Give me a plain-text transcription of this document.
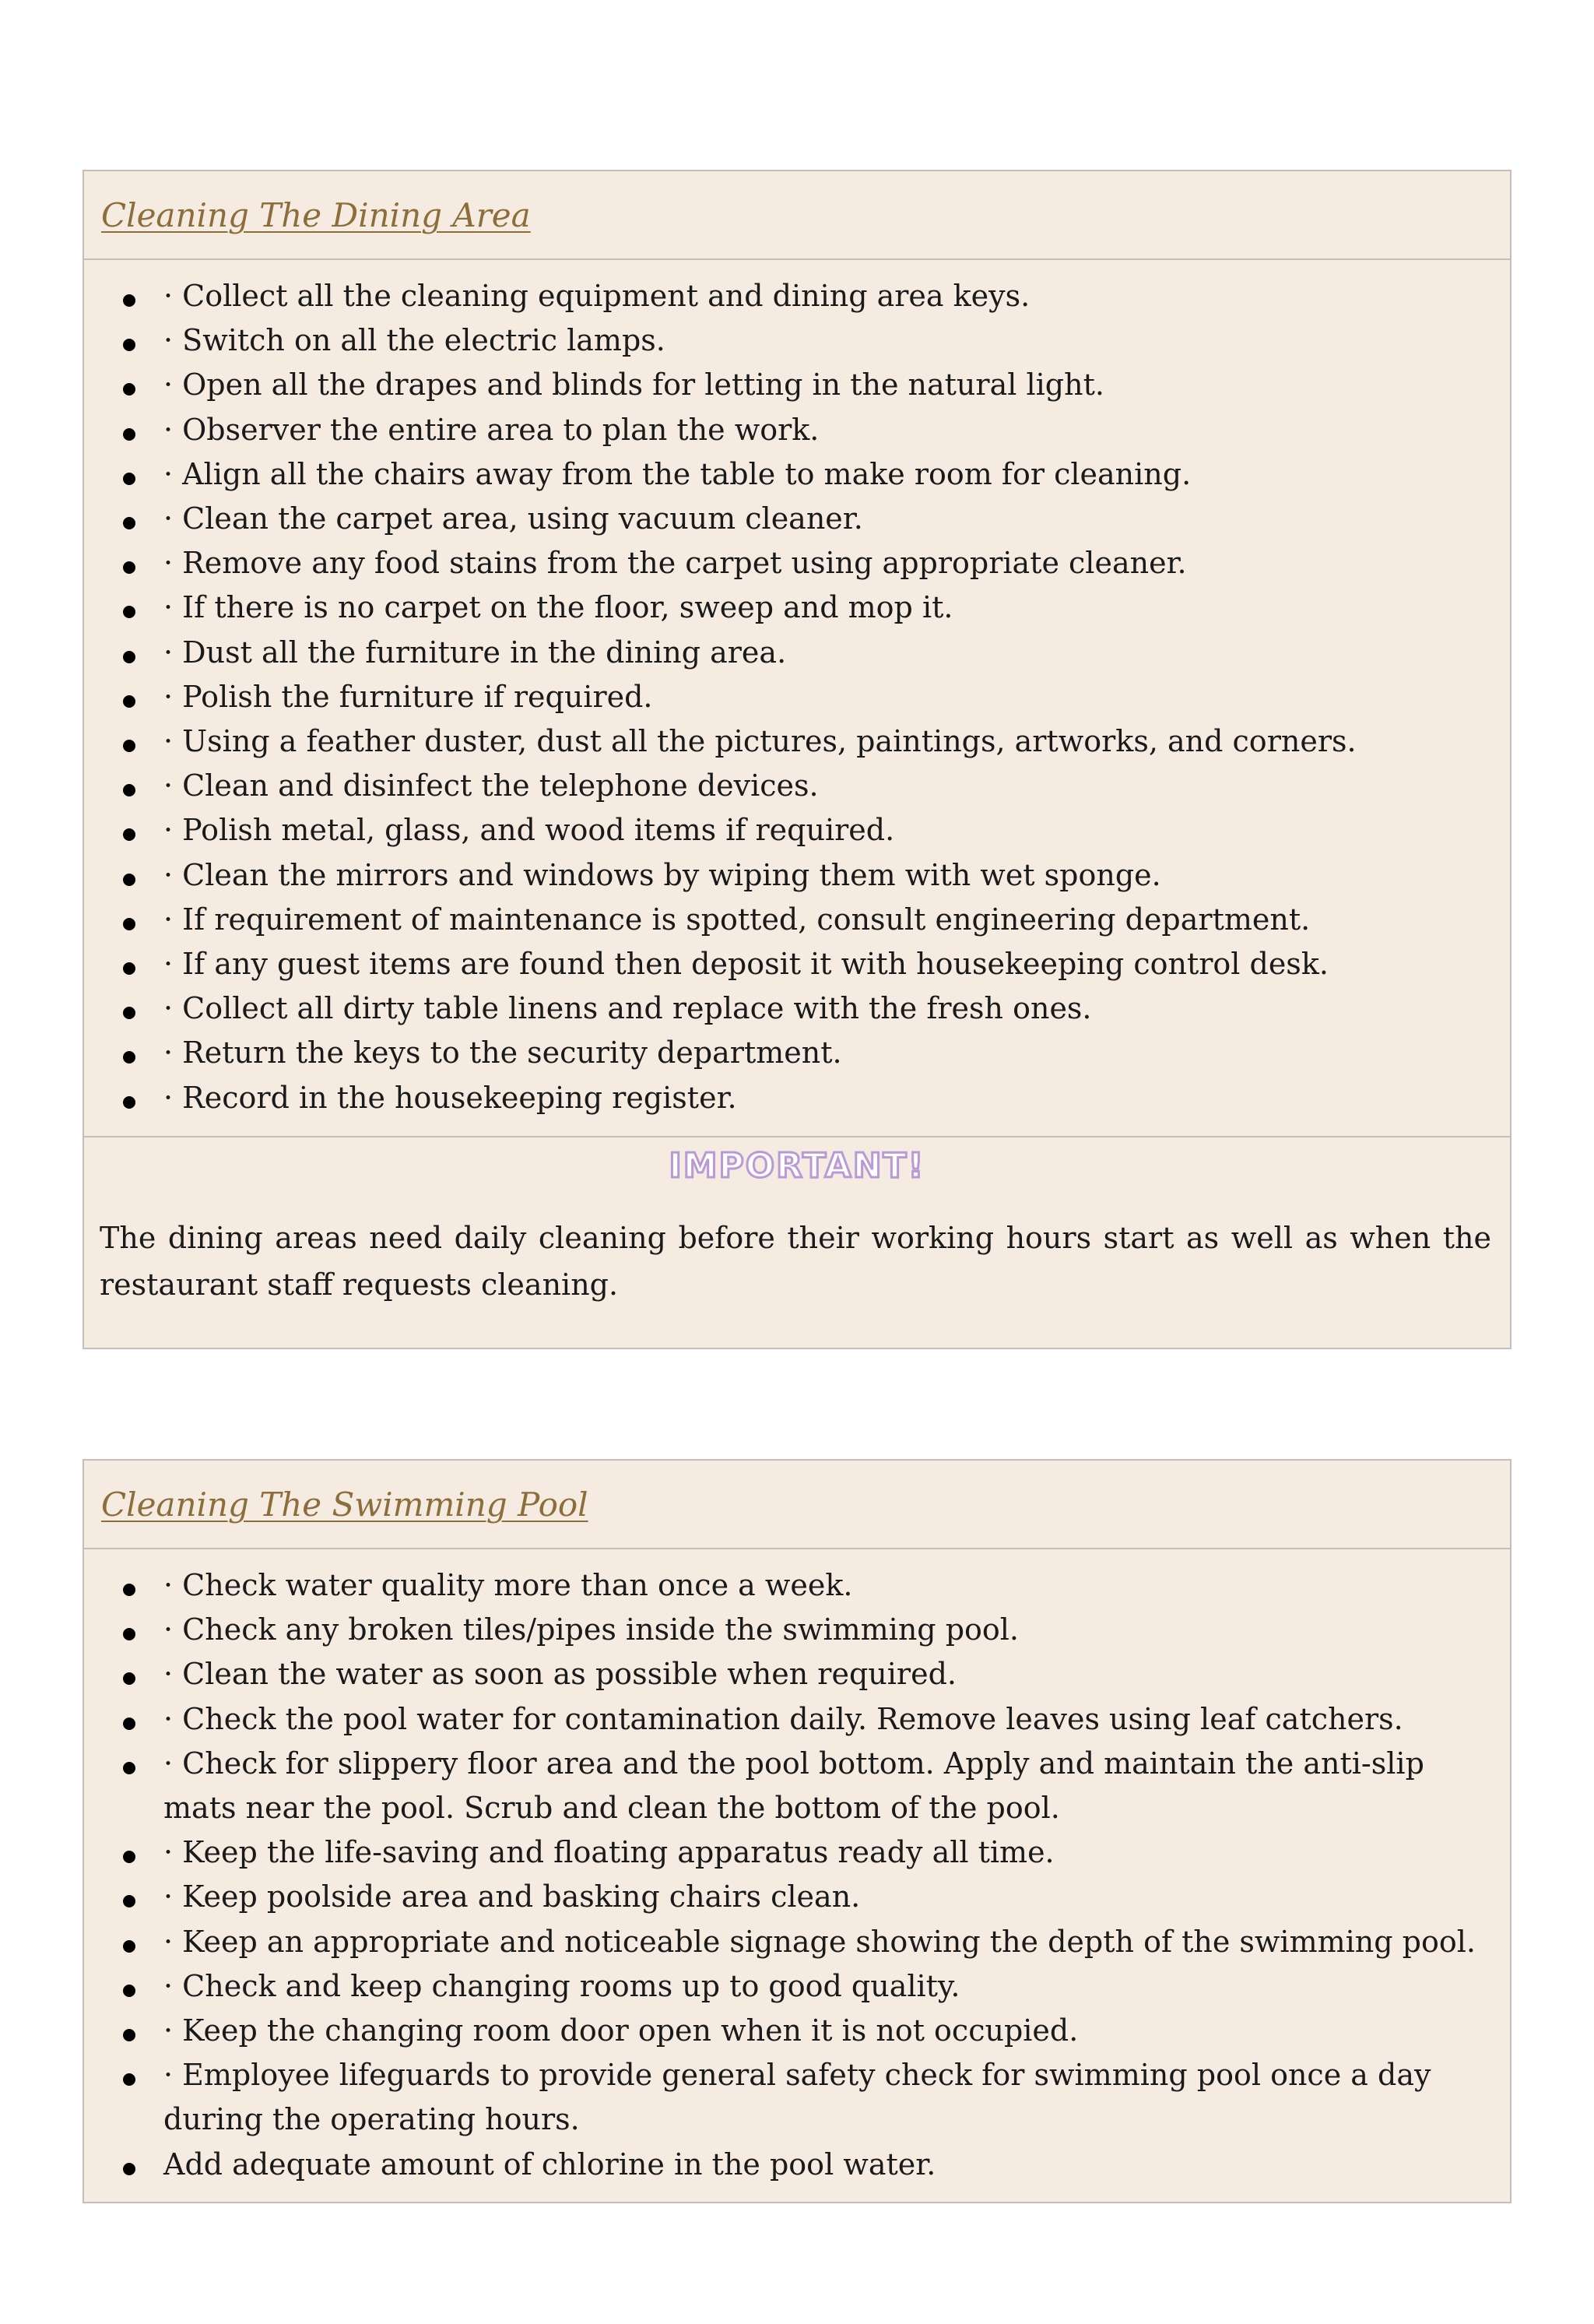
Cleaning The Dining Area
· Collect all the cleaning equipment and dining area keys.
· Switch on all the electric lamps.
· Open all the drapes and blinds for letting in the natural light.
· Observer the entire area to plan the work.
· Align all the chairs away from the table to make room for cleaning.
· Clean the carpet area, using vacuum cleaner.
· Remove any food stains from the carpet using appropriate cleaner.
· If there is no carpet on the floor, sweep and mop it.
· Dust all the furniture in the dining area.
· Polish the furniture if required.
· Using a feather duster, dust all the pictures, paintings, artworks, and corners.
· Clean and disinfect the telephone devices.
· Polish metal, glass, and wood items if required.
· Clean the mirrors and windows by wiping them with wet sponge.
· If requirement of maintenance is spotted, consult engineering department.
· If any guest items are found then deposit it with housekeeping control desk.
· Collect all dirty table linens and replace with the fresh ones.
· Return the keys to the security department.
· Record in the housekeeping register.
IMPORTANT!

The dining areas need daily cleaning before their working hours start as well as when the restaurant staff requests cleaning.

Cleaning The Swimming Pool
· Check water quality more than once a week.
· Check any broken tiles/pipes inside the swimming pool.
· Clean the water as soon as possible when required.
· Check the pool water for contamination daily. Remove leaves using leaf catchers.
· Check for slippery floor area and the pool bottom. Apply and maintain the anti-slip mats near the pool. Scrub and clean the bottom of the pool.
· Keep the life-saving and floating apparatus ready all time.
· Keep poolside area and basking chairs clean.
· Keep an appropriate and noticeable signage showing the depth of the swimming pool.
· Check and keep changing rooms up to good quality.
· Keep the changing room door open when it is not occupied.
· Employee lifeguards to provide general safety check for swimming pool once a day during the operating hours.
Add adequate amount of chlorine in the pool water.
